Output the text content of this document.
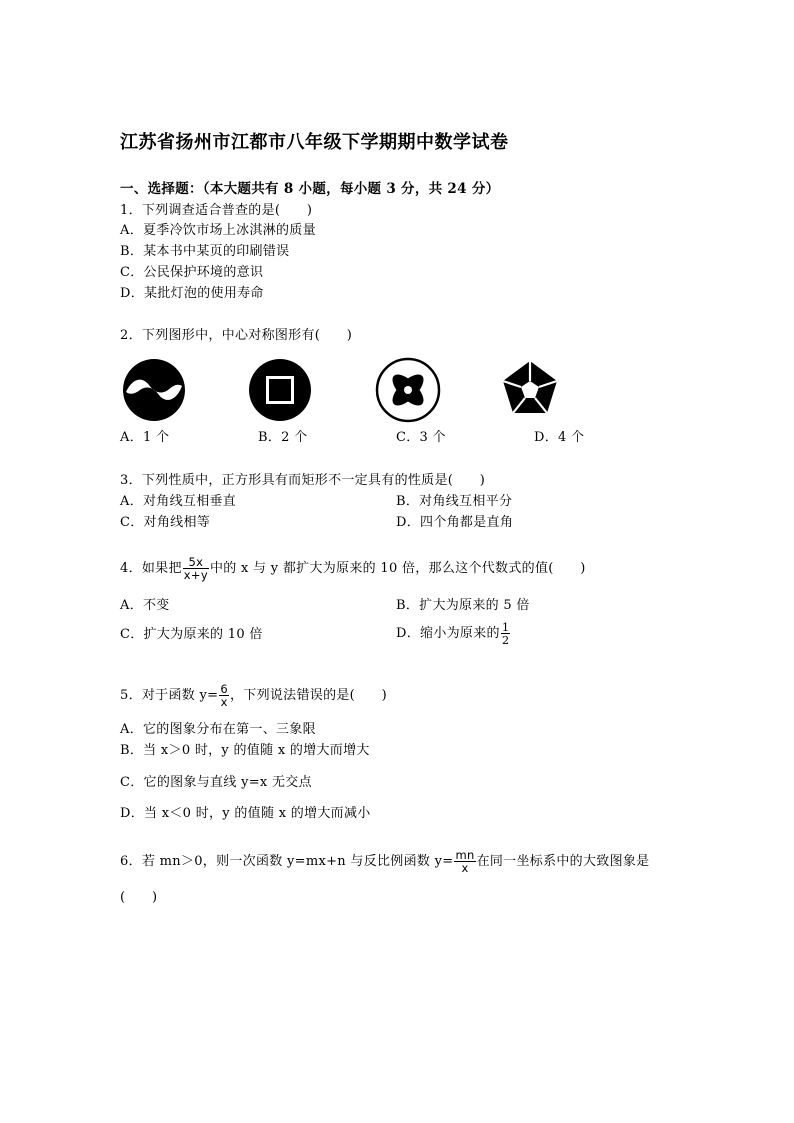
江苏省扬州市江都市八年级下学期期中数学试卷
一、选择题：（本大题共有 8 小题，每小题 3 分，共 24 分）
1．下列调查适合普查的是(　　)
A．夏季冷饮市场上冰淇淋的质量
B．某本书中某页的印刷错误
C．公民保护环境的意识
D．某批灯泡的使用寿命
2．下列图形中，中心对称图形有(　　)
A．1 个	B．2 个	C．3 个	D．4 个
3．下列性质中，正方形具有而矩形不一定具有的性质是(　　)
A．对角线互相垂直	B．对角线互相平分
C．对角线相等	D．四个角都是直角
4．如果把 $\frac{5x}{x+y}$ 中的 x 与 y 都扩大为原来的 10 倍，那么这个代数式的值(　　)
A．不变	B．扩大为原来的 5 倍
C．扩大为原来的 10 倍	D．缩小为原来的 $\frac{1}{2}$
5．对于函数 $y= \frac{6}{x}$ ，下列说法错误的是(　　)
A．它的图象分布在第一、三象限
B．当 x＞0 时，y 的值随 x 的增大而增大
C．它的图象与直线 y=x 无交点
D．当 x＜0 时，y 的值随 x 的增大而减小
6．若 mn＞0，则一次函数 y=mx+n 与反比例函数 $y= \frac{mn}{x}$ 在同一坐标系中的大致图象是
(　　)
